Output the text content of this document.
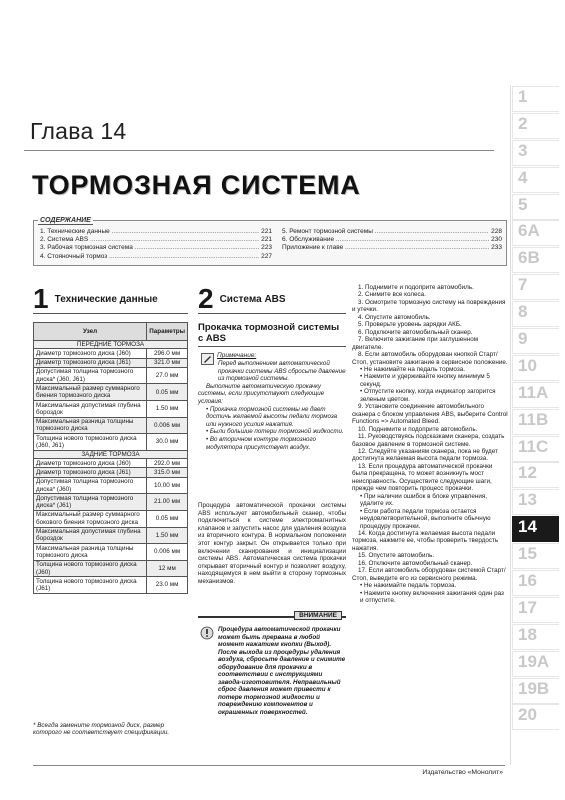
Глава 14
ТОРМОЗНАЯ СИСТЕМА
СОДЕРЖАНИЕ
1. Технические данные .....	221
2. Система ABS .....	221
3. Рабочая тормозная система .....	223
4. Стояночный тормоз .....	227
5. Ремонт тормозной системы .....	228
6. Обслуживание .....	230
Приложение к главе .....	233
1
2
3
4
5
6A
6B
7
8
9
10
11A
11B
11C
12
13
14
15
16
17
18
19A
19B
20
1 Технические данные
Узел	Параметры
ПЕРЕДНИЕ ТОРМОЗА	
Диаметр тормозного диска (J60)	296.0 мм
Диаметр тормозного диска (J61)	321.0 мм
Допустимая толщина тормозного диска* (J60, J61)	27.0 мм
Максимальный размер суммарного биения тормозного диска	0.05 мм
Максимальная допустимая глубина бороздок	1.50 мм
Максимальная разница толщины тормозного диска	0.006 мм
Толщина нового тормозного диска (J60, J61)	30.0 мм
ЗАДНИЕ ТОРМОЗА	
Диаметр тормозного диска (J60)	292.0 мм
Диаметр тормозного диска (J61)	315.0 мм
Допустимая толщина тормозного диска* (J60)	10.00 мм
Допустимая толщина тормозного диска* (J61)	21.00 мм
Максимальный размер суммарного бокового биения тормозного диска	0.05 мм
Максимальная допустимая глубина бороздок	1.50 мм
Максимальная разница толщины тормозного диска	0.006 мм
Толщина нового тормозного диска (J60)	12 мм
Толщина нового тормозного диска (J61)	23.0 мм
* Всегда замените тормозной диск, размер которого не соответствует спецификации.
2 Система ABS
Прокачка тормозной системы с ABS
Примечание:

Перед выполнением автоматической прокачки системы ABS сбросьте давление из тормозной системы.

Выполните автоматическую прокачку системы, если присутствуют следующие условия:

• Прокачка тормозной системы не дает достичь желаемой высоты педали тормоза или нужного усилия нажатия.

• Были большие потери тормозной жидкости.

• Во вторичном контуре тормозного модулятора присутствует воздух.

Процедура автоматической прокачки системы ABS использует автомобильный сканер, чтобы подключиться к системе электромагнитных клапанов и запустить насос для удаления воздуха из вторичного контура. В нормальном положении этот контур закрыт. Он открывается только при включении сканирования и инициализации системы ABS. Автоматическая система прокачки открывает вторичный контур и позволяет воздуху, находящемуся в нем выйти в сторону тормозных механизмов.
ВНИМАНИЕ
Процедура автоматической прокачки может быть прервана в любой момент нажатием кнопки (Выход). После выхода из процедуры удаления воздуха, сбросьте давление и снимите оборудование для прокачки в соответствии с инструкциями завода-изготовителя. Неправильный сброс давления может привести к потере тормозной жидкости и повреждению компонентов и окрашенных поверхностей.

1. Поднимите и подоприте автомобиль.

2. Снимите все колеса.

3. Осмотрите тормозную систему на повреждения и утечки.

4. Опустите автомобиль.

5. Проверьте уровень зарядки АКБ.

6. Подключите автомобильный сканер.

7. Включите зажигание при заглушенном двигателе.

8. Если автомобиль оборудован кнопкой Старт/Стоп, установите зажигание в сервисное положение.

• Не нажимайте на педаль тормоза.

• Нажмите и удерживайте кнопку минимум 5 секунд.

• Отпустите кнопку, когда индикатор загорится зеленым цветом.

9. Установите соединение автомобильного сканера с блоком управления ABS, выберите Control Functions => Automated Bleed.

10. Поднимите и подоприте автомобиль.

11. Руководствуясь подсказками сканера, создать базовое давление в тормозной системе.

12. Следуйте указаниям сканера, пока не будет достигнута желаемая высота педали тормоза.

13. Если процедура автоматической прокачки была прекращена, то может возникнуть мост неисправность. Осуществите следующие шаги, прежде чем повторить процесс прокачки.

• При наличии ошибок в блоке управления, удалите их.

• Если работа педали тормоза остается неудовлетворительной, выполните обычную процедуру прокачки.

14. Когда достигнута желаемая высота педали тормоза, нажмите ее, чтобы проверить твердость нажатия.

15. Опустите автомобиль.

16. Отключите автомобильный сканер.

17. Если автомобиль оборудован системой Старт/Стоп, выведите его из сервисного режима.

• Не нажимайте педаль тормоза.

• Нажмите кнопку включения зажигания один раз и отпустите.

Издательство «Монолит»
